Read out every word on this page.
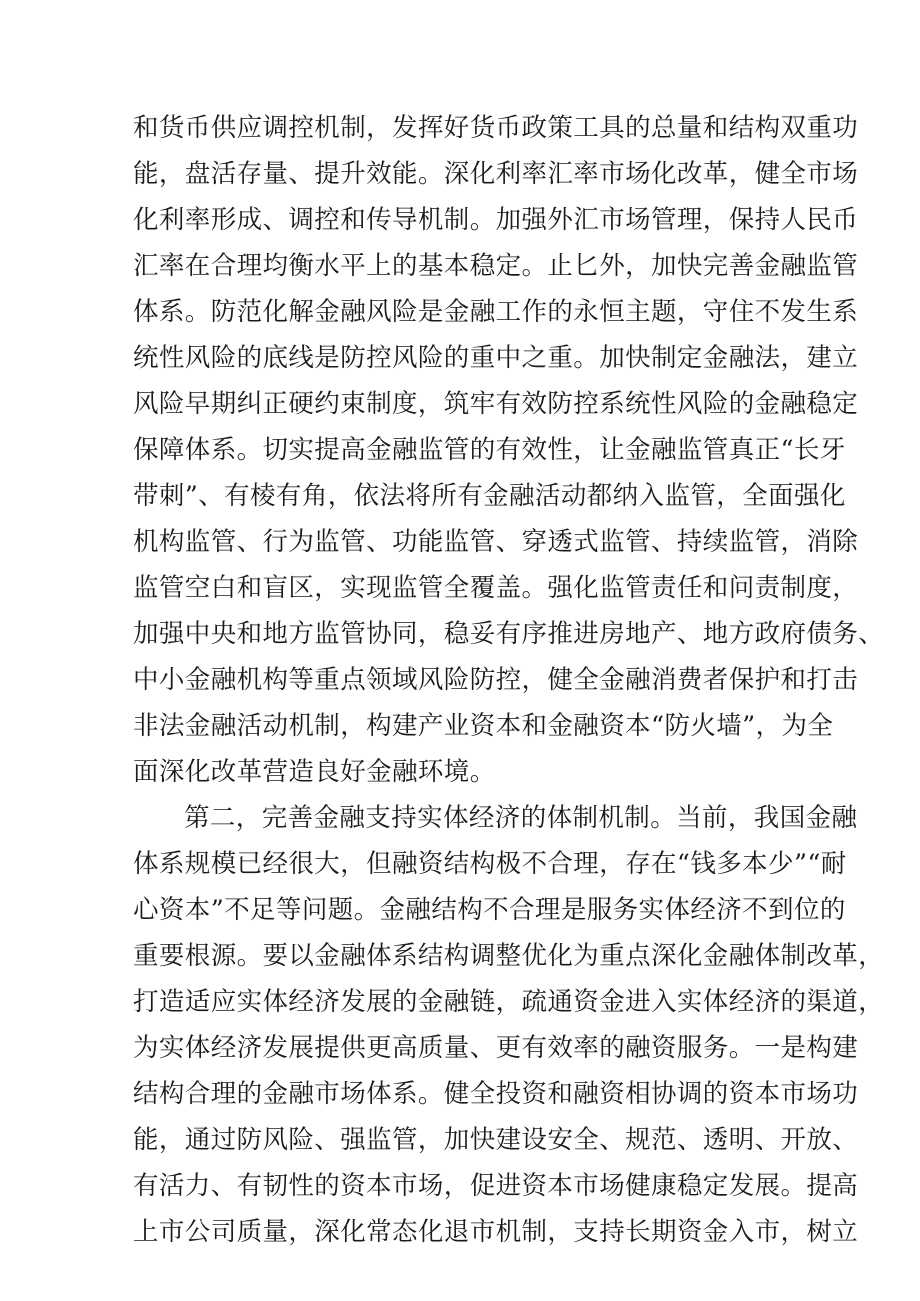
和货币供应调控机制，发挥好货币政策工具的总量和结构双重功
能，盘活存量、提升效能。深化利率汇率市场化改革，健全市场
化利率形成、调控和传导机制。加强外汇市场管理，保持人民币
汇率在合理均衡水平上的基本稳定。止匕外，加快完善金融监管
体系。防范化解金融风险是金融工作的永恒主题，守住不发生系
统性风险的底线是防控风险的重中之重。加快制定金融法，建立
风险早期纠正硬约束制度，筑牢有效防控系统性风险的金融稳定
保障体系。切实提高金融监管的有效性，让金融监管真正“长牙
带刺”、有棱有角，依法将所有金融活动都纳入监管，全面强化
机构监管、行为监管、功能监管、穿透式监管、持续监管，消除
监管空白和盲区，实现监管全覆盖。强化监管责任和问责制度，
加强中央和地方监管协同，稳妥有序推进房地产、地方政府债务、
中小金融机构等重点领域风险防控，健全金融消费者保护和打击
非法金融活动机制，构建产业资本和金融资本“防火墙”，为全
面深化改革营造良好金融环境。
第二，完善金融支持实体经济的体制机制。当前，我国金融
体系规模已经很大，但融资结构极不合理，存在“钱多本少”“耐
心资本”不足等问题。金融结构不合理是服务实体经济不到位的
重要根源。要以金融体系结构调整优化为重点深化金融体制改革，
打造适应实体经济发展的金融链，疏通资金进入实体经济的渠道，
为实体经济发展提供更高质量、更有效率的融资服务。一是构建
结构合理的金融市场体系。健全投资和融资相协调的资本市场功
能，通过防风险、强监管，加快建设安全、规范、透明、开放、
有活力、有韧性的资本市场，促进资本市场健康稳定发展。提高
上市公司质量，深化常态化退市机制，支持长期资金入市，树立
